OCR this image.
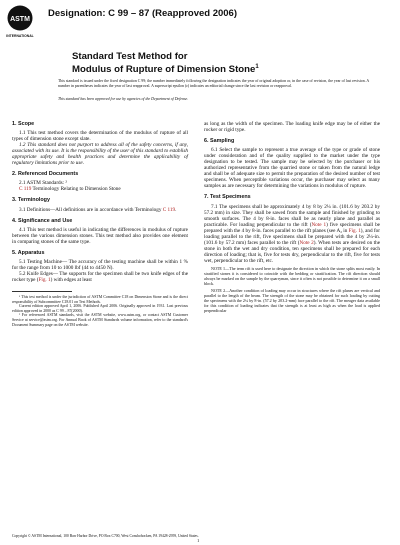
ASTM
INTERNATIONAL
Designation: C 99 – 87 (Reapproved 2006)
Standard Test Method for
Modulus of Rupture of Dimension Stone$^1$
This standard is issued under the fixed designation C 99; the number immediately following the designation indicates the year of original adoption or, in the case of revision, the year of last revision. A number in parentheses indicates the year of last reapproval. A superscript epsilon (ε) indicates an editorial change since the last revision or reapproval.
This standard has been approved for use by agencies of the Department of Defense.
1. Scope

1.1 This test method covers the determination of the modulus of rupture of all types of dimension stone except slate.

1.2 This standard does not purport to address all of the safety concerns, if any, associated with its use. It is the responsibility of the user of this standard to establish appropriate safety and health practices and determine the applicability of regulatory limitations prior to use.

2. Referenced Documents

2.1 ASTM Standards: ²

C 119 Terminology Relating to Dimension Stone

3. Terminology

3.1 Definitions—All definitions are in accordance with Terminology C 119.

4. Significance and Use

4.1 This test method is useful in indicating the differences in modulus of rupture between the various dimension stones. This test method also provides one element in comparing stones of the same type.

5. Apparatus

5.1 Testing Machine— The accuracy of the testing machine shall be within 1 % for the range from 10 to 1000 lbf (44 to 4450 N).

5.2 Knife Edges— The supports for the specimen shall be two knife edges of the rocker type (Fig. 1) with edges at least

¹ This test method is under the jurisdiction of ASTM Committee C18 on Dimension Stone and is the direct responsibility of Subcommittee C18.01 on Test Methods.

Current edition approved April 1, 2006. Published April 2006. Originally approved in 1931. Last previous edition approved in 2000 as C 99 – 87(2000).

² For referenced ASTM standards, visit the ASTM website, www.astm.org, or contact ASTM Customer Service at service@astm.org. For Annual Book of ASTM Standards volume information, refer to the standard's Document Summary page on the ASTM website.

as long as the width of the specimen. The loading knife edge may be of either the rocker or rigid type.

6. Sampling

6.1 Select the sample to represent a true average of the type or grade of stone under consideration and of the quality supplied to the market under the type designation to be tested. The sample may be selected by the purchaser or his authorized representative from the quarried stone or taken from the natural ledge and shall be of adequate size to permit the preparation of the desired number of test specimens. When perceptible variations occur, the purchaser may select as many samples as are necessary for determining the variations in modulus of rupture.

7. Test Specimens

7.1 The specimens shall be approximately 4 by 8 by 2¼ in. (101.6 by 203.2 by 57.2 mm) in size. They shall be sawed from the sample and finished by grinding to smooth surfaces. The 4 by 8-in. faces shall be as nearly plane and parallel as practicable. For loading perpendicular to the rift (Note 1) five specimens shall be prepared with the 4 by 8-in. faces parallel to the rift planes (see A₂ in Fig. 1), and for loading parallel to the rift, five specimens shall be prepared with the 4 by 2¼-in. (101.6 by 57.2 mm) faces parallel to the rift (Note 2). When tests are desired on the stone in both the wet and dry condition, ten specimens shall be prepared for each direction of loading; that is, five for tests dry, perpendicular to the rift, five for tests wet, perpendicular to the rift, etc.

NOTE 1—The term rift is used here to designate the direction in which the stone splits most easily. In stratified stones it is considered to coincide with the bedding or stratification. The rift direction should always be marked on the sample by the quarryman, since it often is not possible to determine it on a small block.

NOTE 2—Another condition of loading may occur in structures where the rift planes are vertical and parallel to the length of the beam. The strength of the stone may be obtained for such loading by cutting the specimens with the 2¼ by 8-in. (57.2 by 203.2-mm) face parallel to the rift. The meager data available for this condition of loading indicates that the strength is at least as high as when the load is applied perpendicular

Copyright © ASTM International, 100 Barr Harbor Drive, PO Box C700, West Conshohocken, PA 19428-2959, United States.
1
